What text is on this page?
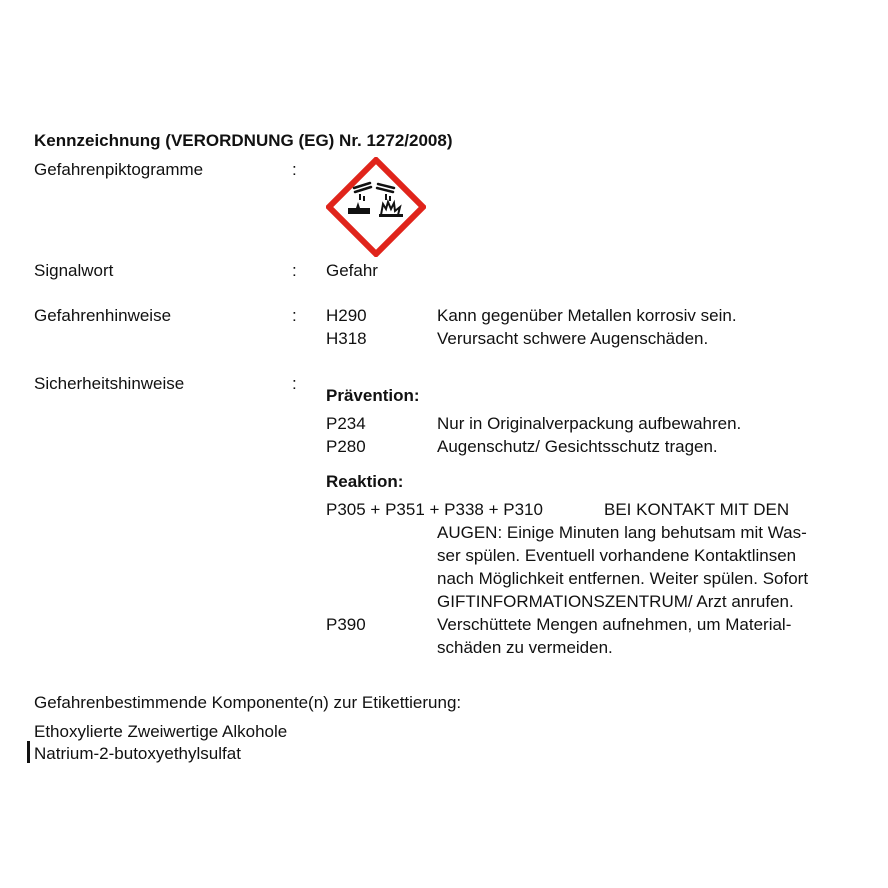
Kennzeichnung (VERORDNUNG (EG) Nr. 1272/2008)
Gefahrenpiktogramme	:
Signalwort	: Gefahr
Gefahrenhinweise	: H290	Kann gegenüber Metallen korrosiv sein.
H318	Verursacht schwere Augenschäden.
Sicherheitshinweise	:
Prävention:
P234	Nur in Originalverpackung aufbewahren.
P280	Augenschutz/ Gesichtsschutz tragen.
Reaktion:
P305 + P351 + P338 + P310	BEI KONTAKT MIT DEN
AUGEN: Einige Minuten lang behutsam mit Was-
ser spülen. Eventuell vorhandene Kontaktlinsen
nach Möglichkeit entfernen. Weiter spülen. Sofort
GIFTINFORMATIONSZENTRUM/ Arzt anrufen.
P390	Verschüttete Mengen aufnehmen, um Material-
schäden zu vermeiden.
Gefahrenbestimmende Komponente(n) zur Etikettierung:
Ethoxylierte Zweiwertige Alkohole
Natrium-2-butoxyethylsulfat
